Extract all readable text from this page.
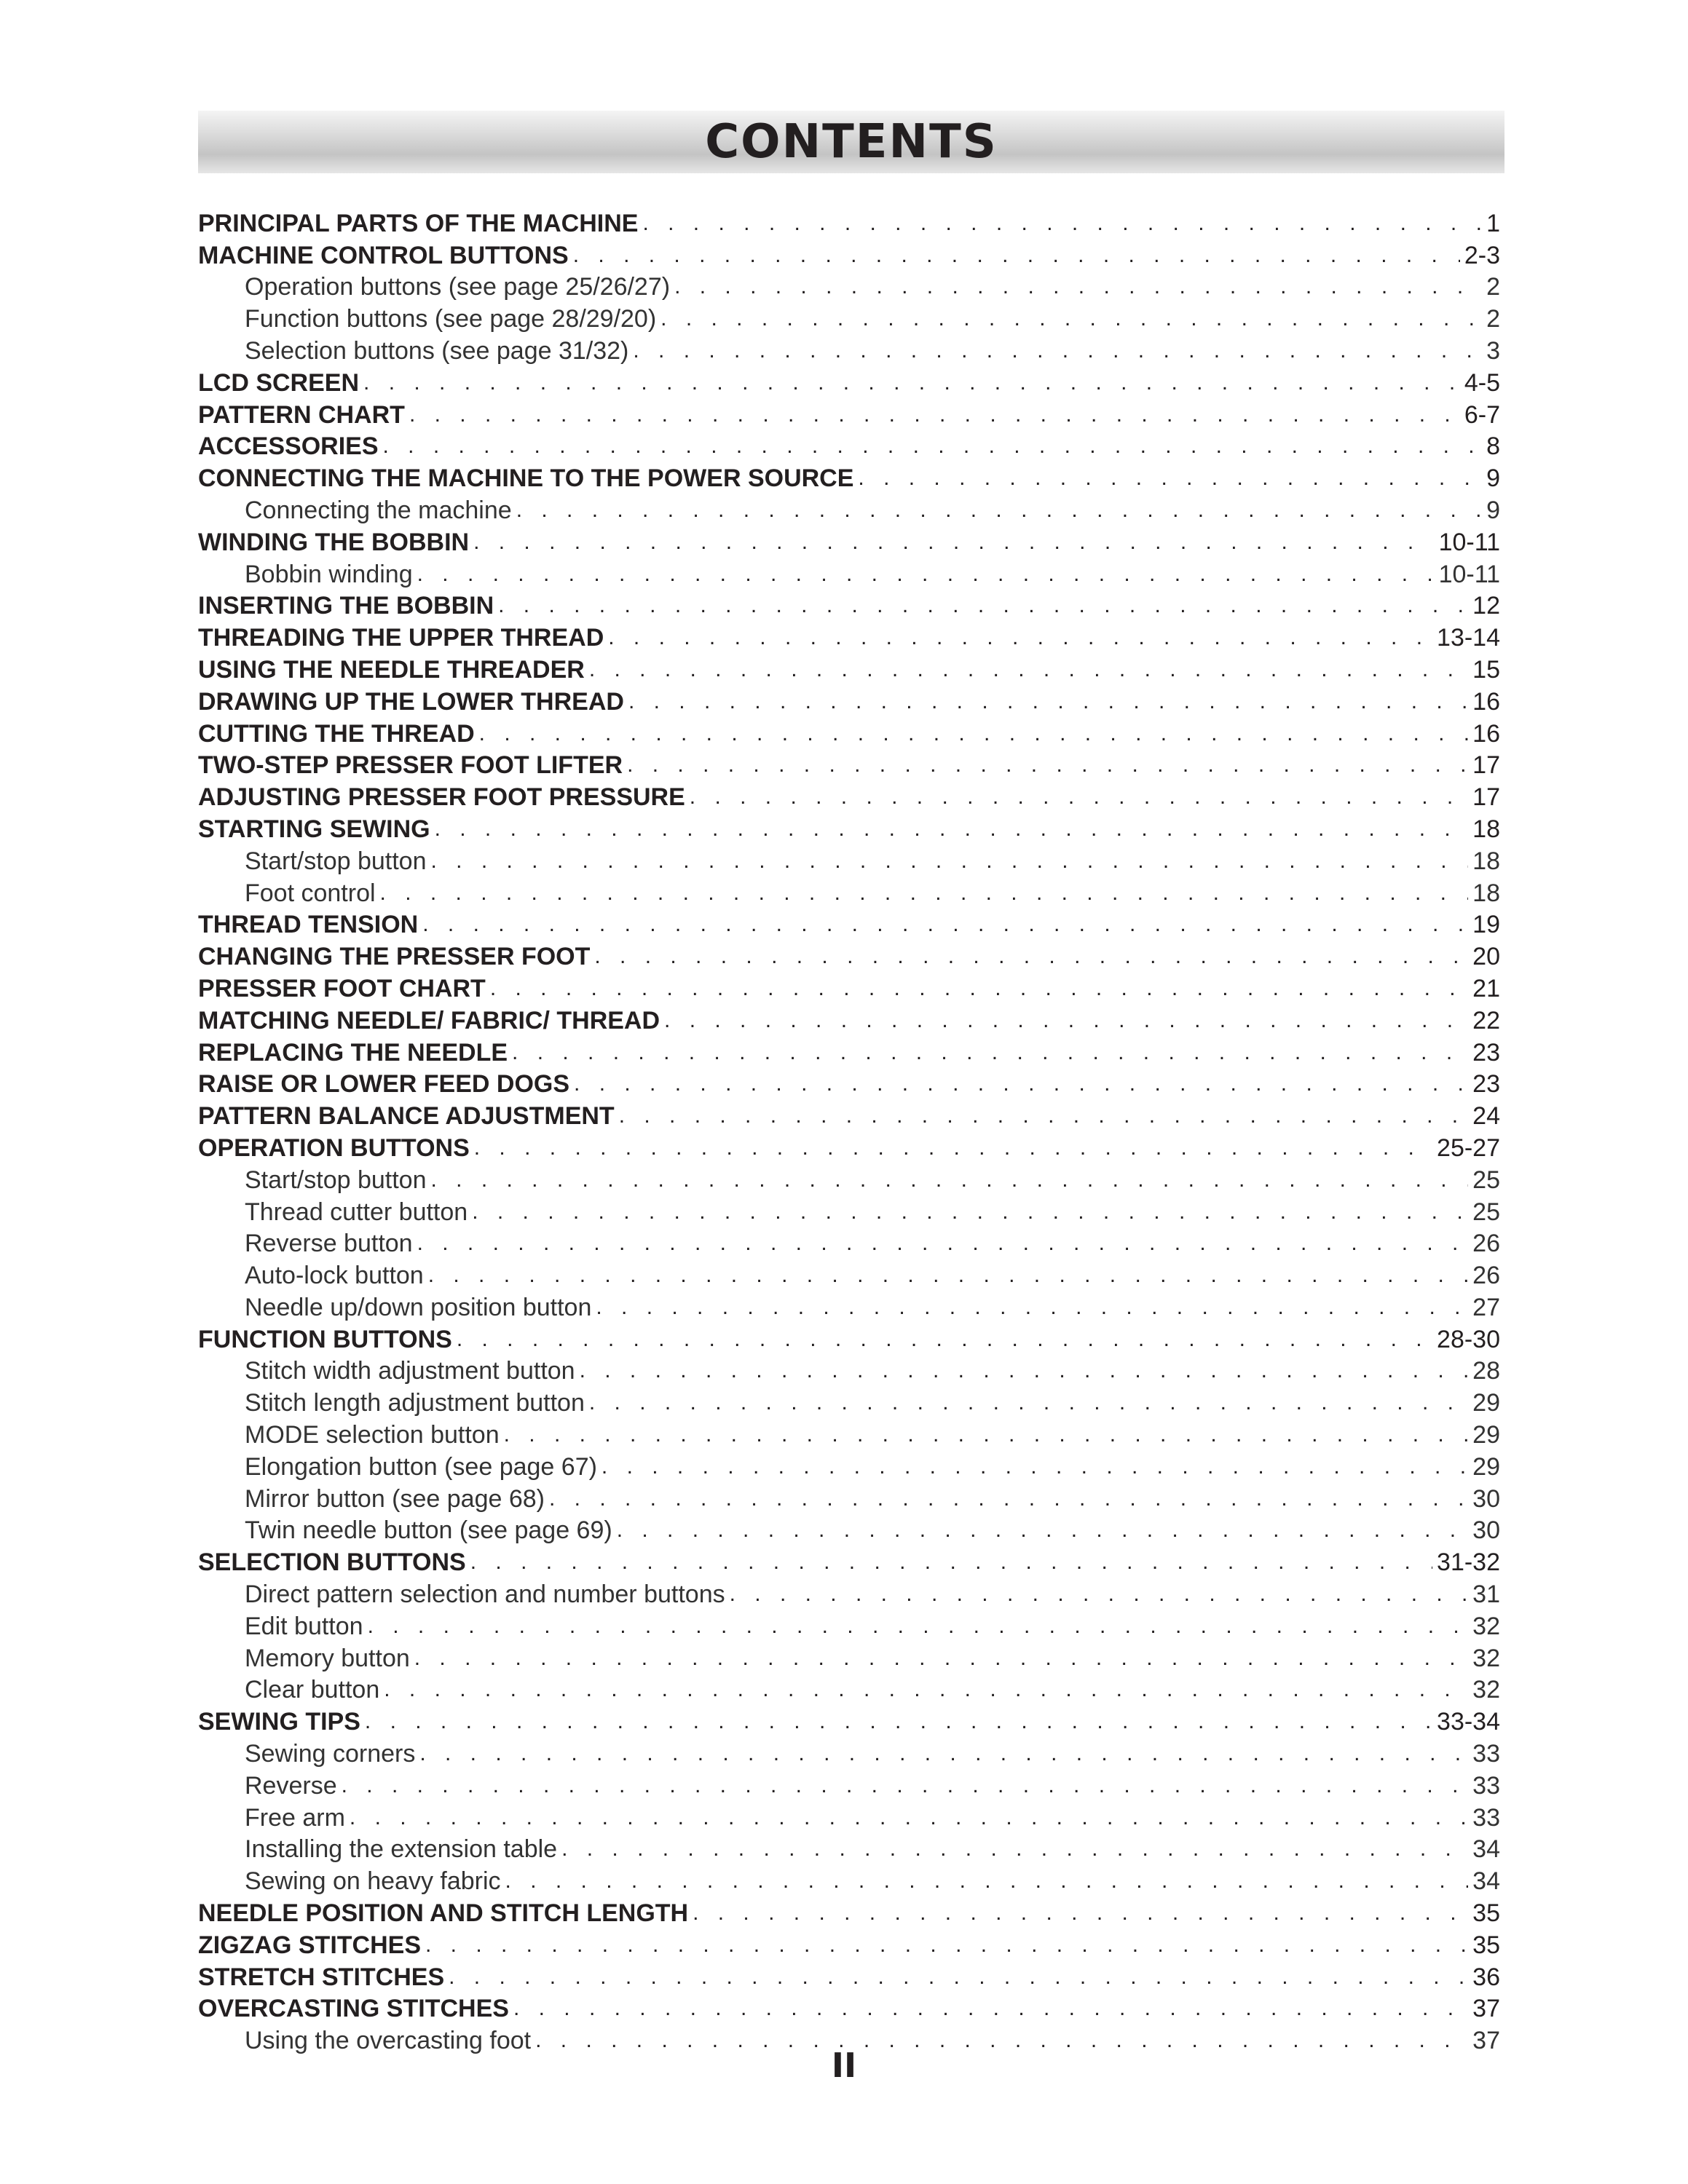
CONTENTS
PRINCIPAL PARTS OF THE MACHINE . . .	1
MACHINE CONTROL BUTTONS . . .	2-3
Operation buttons (see page 25/26/27) . . .	2
Function buttons (see page 28/29/20) . . .	2
Selection buttons (see page 31/32) . . .	3
LCD SCREEN . . .	4-5
PATTERN CHART . . .	6-7
ACCESSORIES . . .	8
CONNECTING THE MACHINE TO THE POWER SOURCE . . .	9
Connecting the machine . . .	9
WINDING THE BOBBIN . . .	10-11
Bobbin winding . . .	10-11
INSERTING THE BOBBIN . . .	12
THREADING THE UPPER THREAD . . .	13-14
USING THE NEEDLE THREADER . . .	15
DRAWING UP THE LOWER THREAD . . .	16
CUTTING THE THREAD . . .	16
TWO-STEP PRESSER FOOT LIFTER . . .	17
ADJUSTING PRESSER FOOT PRESSURE . . .	17
STARTING SEWING . . .	18
Start/stop button . . .	18
Foot control . . .	18
THREAD TENSION . . .	19
CHANGING THE PRESSER FOOT . . .	20
PRESSER FOOT CHART . . .	21
MATCHING NEEDLE/ FABRIC/ THREAD . . .	22
REPLACING THE NEEDLE . . .	23
RAISE OR LOWER FEED DOGS . . .	23
PATTERN BALANCE ADJUSTMENT . . .	24
OPERATION BUTTONS . . .	25-27
Start/stop button . . .	25
Thread cutter button . . .	25
Reverse button . . .	26
Auto-lock button . . .	26
Needle up/down position button . . .	27
FUNCTION BUTTONS . . .	28-30
Stitch width adjustment button . . .	28
Stitch length adjustment button . . .	29
MODE selection button . . .	29
Elongation button (see page 67) . . .	29
Mirror button (see page 68) . . .	30
Twin needle button (see page 69) . . .	30
SELECTION BUTTONS . . .	31-32
Direct pattern selection and number buttons . . .	31
Edit button . . .	32
Memory button . . .	32
Clear button . . .	32
SEWING TIPS . . .	33-34
Sewing corners . . .	33
Reverse . . .	33
Free arm . . .	33
Installing the extension table . . .	34
Sewing on heavy fabric . . .	34
NEEDLE POSITION AND STITCH LENGTH . . .	35
ZIGZAG STITCHES . . .	35
STRETCH STITCHES . . .	36
OVERCASTING STITCHES . . .	37
Using the overcasting foot . . .	37
II
